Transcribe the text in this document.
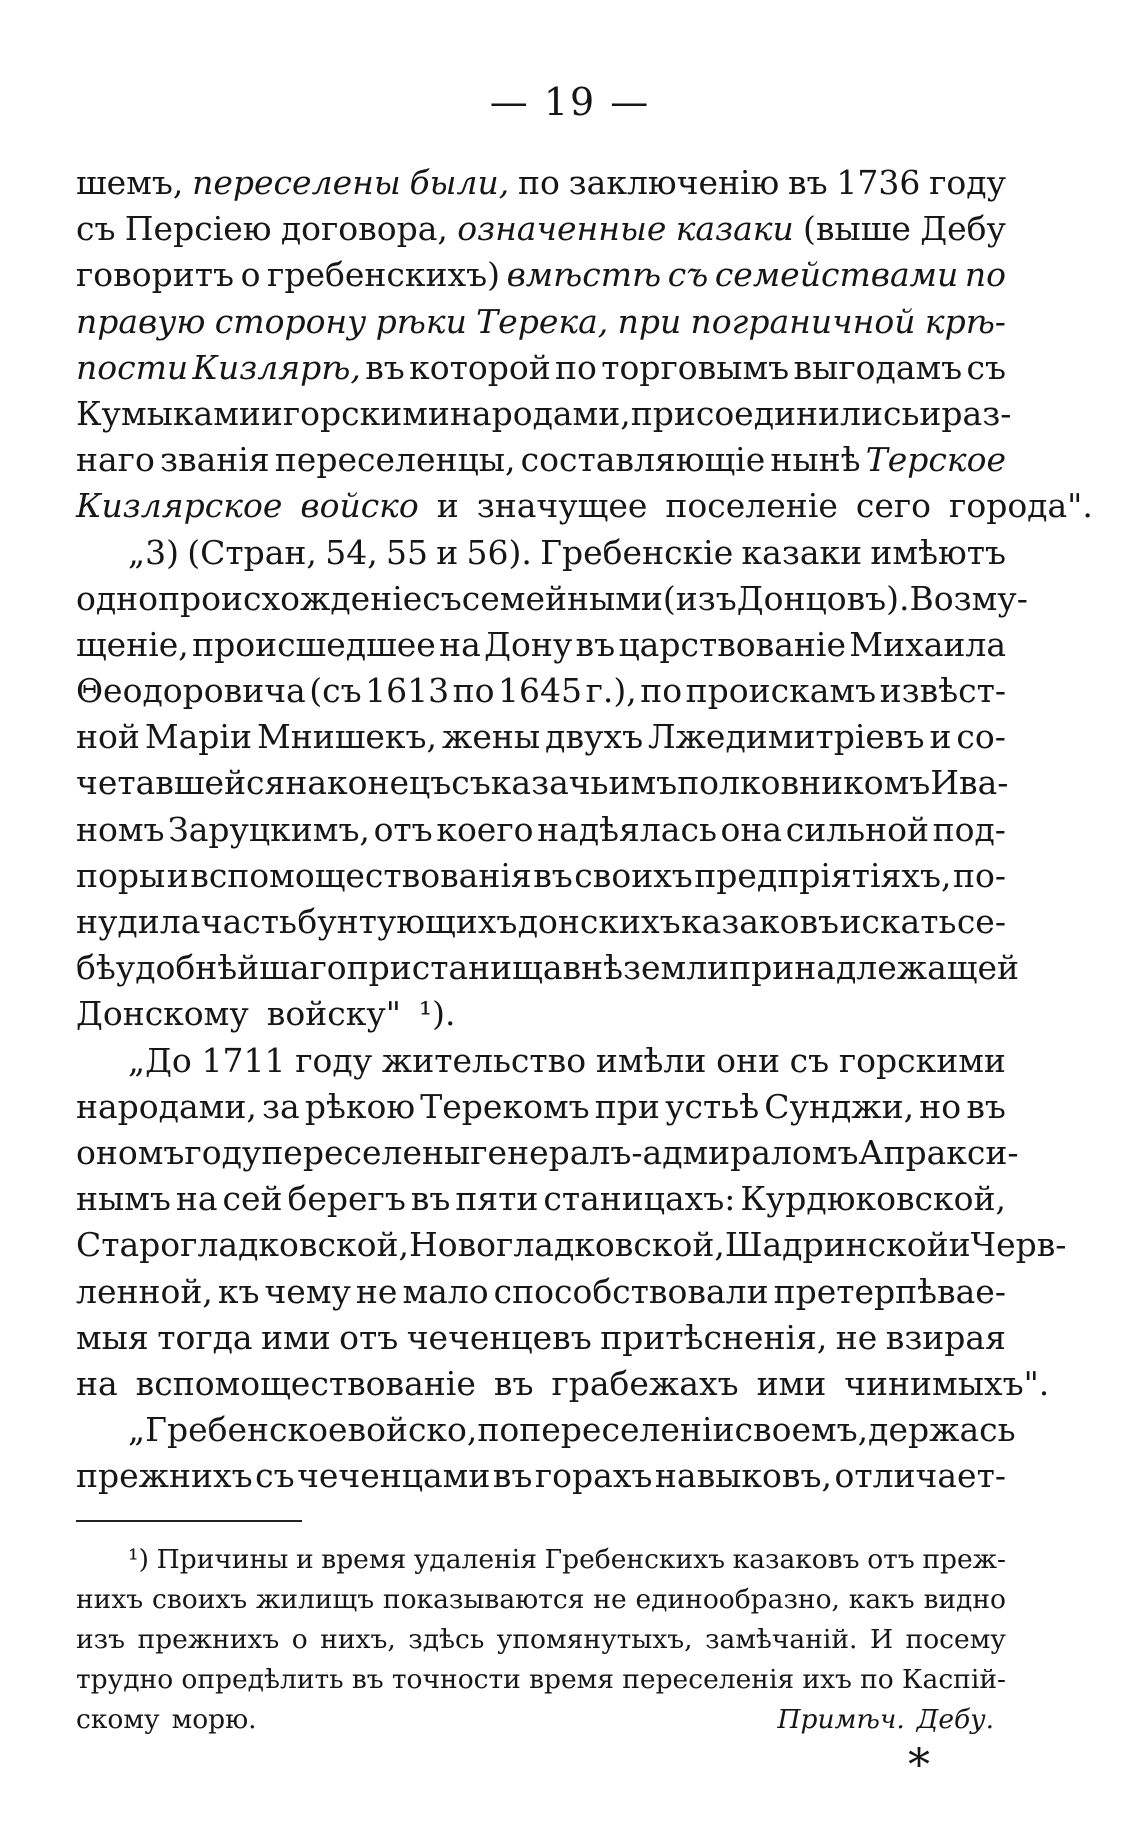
— 19 —
шемъ, переселены были, по заключенію въ 1736 году
съ Персіею договора, означенные казаки (выше Дебу
говоритъ о гребенскихъ) вмѣстѣ съ семействами по
правую сторону рѣки Терека, при пограничной крѣ-
пости Кизлярѣ, въ которой по торговымъ выгодамъ съ
Кумыками и горскими народами, присоединились и раз-
наго званія переселенцы, составляющіе нынѣ Терское
Кизлярское войско и значущее поселеніе сего города".
„3) (Стран, 54, 55 и 56). Гребенскіе казаки имѣютъ
одно происхожденіе съ семейными (изъ Донцовъ). Возму-
щеніе, происшедшее на Дону въ царствованіе Михаила
Θеодоровича (съ 1613 по 1645 г.), по проискамъ извѣст-
ной Маріи Мнишекъ, жены двухъ Лжедимитріевъ и со-
четавшейся наконецъ съ казачьимъ полковникомъ Ива-
номъ Заруцкимъ, отъ коего надѣялась она сильной под-
поры и вспомоществованія въ своихъ предпріятіяхъ, по-
нудила часть бунтующихъ донскихъ казаковъ искать се-
бѣ удобнѣйшаго пристанища внѣ земли принадлежащей
Донскому войску" ¹).
„До 1711 году жительство имѣли они съ горскими
народами, за рѣкою Терекомъ при устьѣ Сунджи, но въ
ономъ году переселены генералъ-адмираломъ Апракси-
нымъ на сей берегъ въ пяти станицахъ: Курдюковской,
Старогладковской, Новогладковской, Шадринской и Черв-
ленной, къ чему не мало способствовали претерпѣвае-
мыя тогда ими отъ чеченцевъ притѣсненія, не взирая
на вспомоществованіе въ грабежахъ ими чинимыхъ".
„Гребенское войско, по переселеніи своемъ, держась
прежнихъ съ чеченцами въ горахъ навыковъ, отличает-
¹) Причины и время удаленія Гребенскихъ казаковъ отъ преж-
нихъ своихъ жилищъ показываются не единообразно, какъ видно
изъ прежнихъ о нихъ, здѣсь упомянутыхъ, замѣчаній. И посему
трудно опредѣлить въ точности время переселенія ихъ по Каспій-
скому морю.	Примѣч. Дебу.
*
